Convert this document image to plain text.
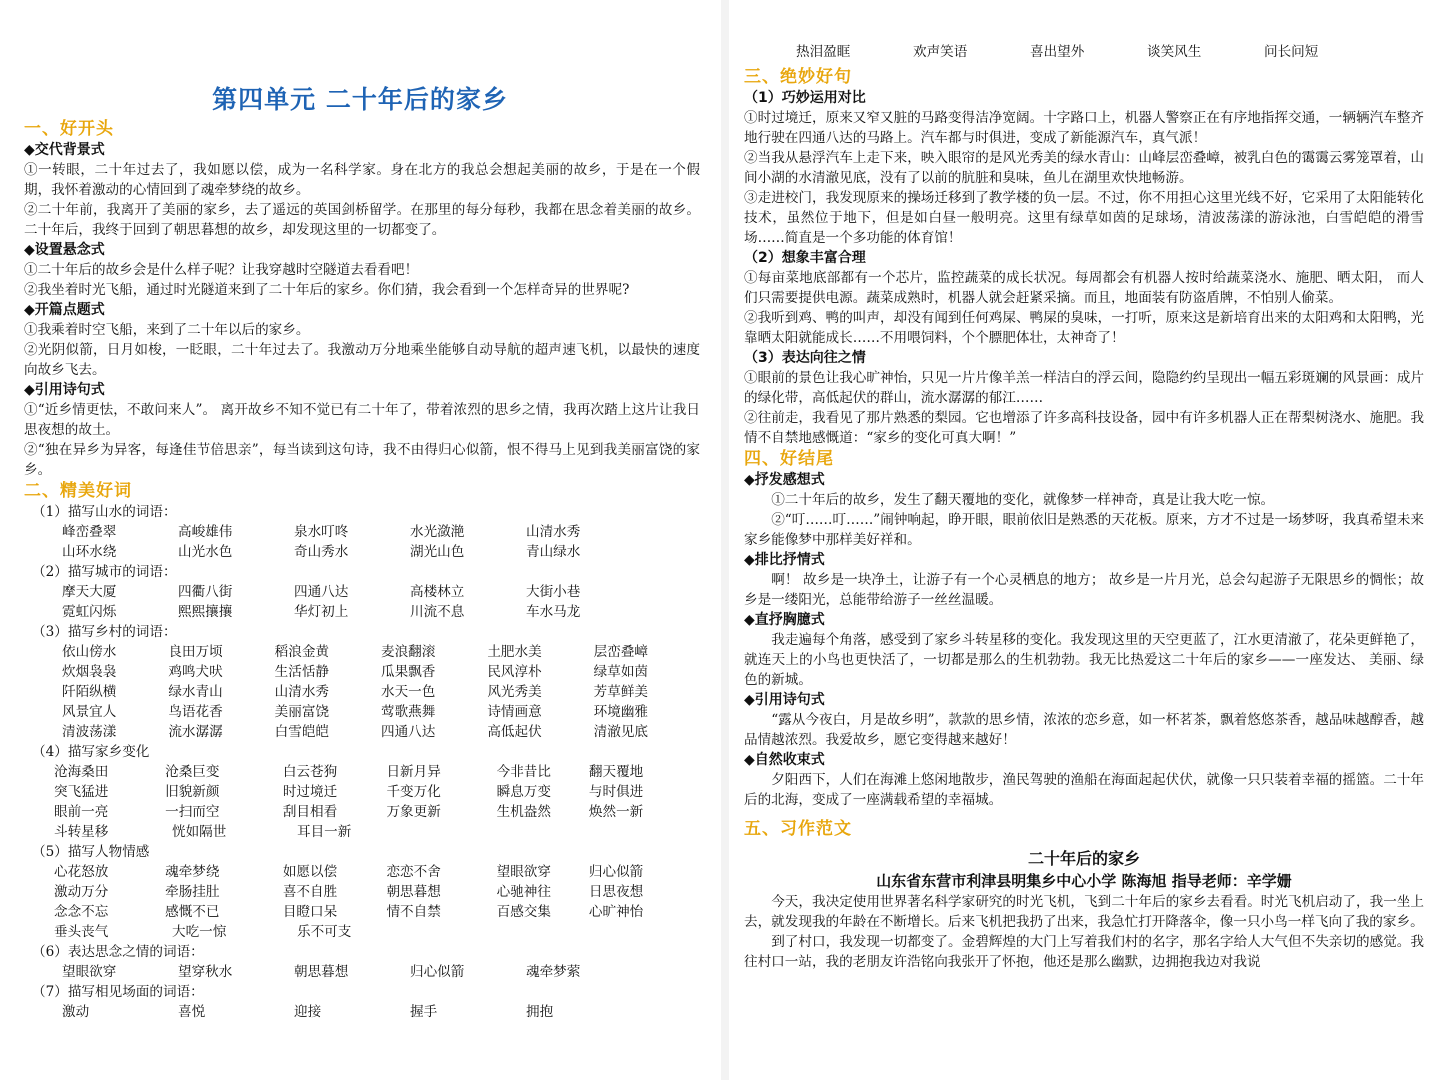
第四单元 二十年后的家乡
一、好开头
◆交代背景式
①一转眼，二十年过去了，我如愿以偿，成为一名科学家。身在北方的我总会想起美丽的故乡，于是在一个假期，我怀着激动的心情回到了魂牵梦绕的故乡。
②二十年前，我离开了美丽的家乡，去了遥远的英国剑桥留学。在那里的每分每秒，我都在思念着美丽的故乡。 二十年后，我终于回到了朝思暮想的故乡，却发现这里的一切都变了。
◆设置悬念式
①二十年后的故乡会是什么样子呢？让我穿越时空隧道去看看吧！
②我坐着时光飞船，通过时光隧道来到了二十年后的家乡。你们猜，我会看到一个怎样奇异的世界呢?
◆开篇点题式
①我乘着时空飞船，来到了二十年以后的家乡。
②光阴似箭，日月如梭，一眨眼，二十年过去了。我激动万分地乘坐能够自动导航的超声速飞机，以最快的速度向故乡飞去。
◆引用诗句式
①“近乡情更怯，不敢问来人”。 离开故乡不知不觉已有二十年了，带着浓烈的思乡之情，我再次踏上这片让我日思夜想的故土。
②“独在异乡为异客，每逢佳节倍思亲”，每当读到这句诗，我不由得归心似箭，恨不得马上见到我美丽富饶的家乡。
二、精美好词
（1）描写山水的词语：
峰峦叠翠	高峻雄伟	泉水叮咚	水光潋滟	山清水秀
山环水绕	山光水色	奇山秀水	湖光山色	青山绿水
（2）描写城市的词语：
摩天大厦	四衢八街	四通八达	高楼林立	大街小巷
霓虹闪烁	熙熙攘攘	华灯初上	川流不息	车水马龙
（3）描写乡村的词语：
依山傍水	良田万顷	稻浪金黄	麦浪翻滚	土肥水美	层峦叠嶂
炊烟袅袅	鸡鸣犬吠	生活恬静	瓜果飘香	民风淳朴	绿草如茵
阡陌纵横	绿水青山	山清水秀	水天一色	风光秀美	芳草鲜美
风景宜人	鸟语花香	美丽富饶	莺歌燕舞	诗情画意	环境幽雅
清波荡漾	流水潺潺	白雪皑皑	四通八达	高低起伏	清澈见底
（4）描写家乡变化
沧海桑田	沧桑巨变	白云苍狗	日新月异	今非昔比	翻天覆地
突飞猛进	旧貌新颜	时过境迁	千变万化	瞬息万变	与时俱进
眼前一亮	一扫而空	刮目相看	万象更新	生机盎然	焕然一新
斗转星移	恍如隔世	耳目一新
（5）描写人物情感
心花怒放	魂牵梦绕	如愿以偿	恋恋不舍	望眼欲穿	归心似箭
激动万分	牵肠挂肚	喜不自胜	朝思暮想	心驰神往	日思夜想
念念不忘	感慨不已	目瞪口呆	情不自禁	百感交集	心旷神怡
垂头丧气	大吃一惊	乐不可支
（6）表达思念之情的词语：
望眼欲穿	望穿秋水	朝思暮想	归心似箭	魂牵梦萦
（7）描写相见场面的词语：
激动	喜悦	迎接	握手	拥抱
热泪盈眶	欢声笑语	喜出望外	谈笑风生	问长问短
三、绝妙好句
（1）巧妙运用对比
①时过境迁，原来又窄又脏的马路变得洁净宽阔。十字路口上，机器人警察正在有序地指挥交通，一辆辆汽车整齐地行驶在四通八达的马路上。汽车都与时俱进，变成了新能源汽车，真气派！
②当我从悬浮汽车上走下来，映入眼帘的是风光秀美的绿水青山：山峰层峦叠嶂，被乳白色的霭霭云雾笼罩着，山间小湖的水清澈见底，没有了以前的肮脏和臭味，鱼儿在湖里欢快地畅游。
③走进校门，我发现原来的操场迁移到了教学楼的负一层。不过，你不用担心这里光线不好，它采用了太阳能转化技术，虽然位于地下，但是如白昼一般明亮。这里有绿草如茵的足球场，清波荡漾的游泳池，白雪皑皑的滑雪场……简直是一个多功能的体育馆！
（2）想象丰富合理
①每亩菜地底部都有一个芯片，监控蔬菜的成长状况。每周都会有机器人按时给蔬菜浇水、施肥、晒太阳， 而人们只需要提供电源。蔬菜成熟时，机器人就会赶紧采摘。而且，地面装有防盗盾牌，不怕别人偷菜。
②我听到鸡、鸭的叫声，却没有闻到任何鸡屎、鸭屎的臭味，一打听，原来这是新培育出来的太阳鸡和太阳鸭，光靠晒太阳就能成长……不用喂饲料，个个膘肥体壮，太神奇了！
（3）表达向往之情
①眼前的景色让我心旷神怡，只见一片片像羊羔一样洁白的浮云间，隐隐约约呈现出一幅五彩斑斓的风景画：成片的绿化带，高低起伏的群山，流水潺潺的郁江……
②往前走，我看见了那片熟悉的梨园。它也增添了许多高科技设备，园中有许多机器人正在帮梨树浇水、施肥。我情不自禁地感慨道：“家乡的变化可真大啊！”
四、好结尾
◆抒发感想式
①二十年后的故乡，发生了翻天覆地的变化，就像梦一样神奇，真是让我大吃一惊。
②“叮……叮……”闹钟响起，睁开眼，眼前依旧是熟悉的天花板。原来，方才不过是一场梦呀，我真希望未来家乡能像梦中那样美好祥和。
◆排比抒情式
啊！ 故乡是一块净土，让游子有一个心灵栖息的地方； 故乡是一片月光，总会勾起游子无限思乡的惆怅；故乡是一缕阳光，总能带给游子一丝丝温暖。
◆直抒胸臆式
我走遍每个角落，感受到了家乡斗转星移的变化。我发现这里的天空更蓝了，江水更清澈了，花朵更鲜艳了，就连天上的小鸟也更快活了，一切都是那么的生机勃勃。我无比热爱这二十年后的家乡——一座发达、 美丽、绿色的新城。
◆引用诗句式
“露从今夜白，月是故乡明”，款款的思乡情，浓浓的恋乡意，如一杯茗茶，飘着悠悠茶香，越品味越醇香，越品情越浓烈。我爱故乡，愿它变得越来越好！
◆自然收束式
夕阳西下，人们在海滩上悠闲地散步，渔民驾驶的渔船在海面起起伏伏，就像一只只装着幸福的摇篮。二十年后的北海，变成了一座满载希望的幸福城。
五、习作范文
二十年后的家乡
山东省东营市利津县明集乡中心小学 陈海旭 指导老师：辛学姗
今天，我决定使用世界著名科学家研究的时光飞机，飞到二十年后的家乡去看看。时光飞机启动了，我一坐上去，就发现我的年龄在不断增长。后来飞机把我扔了出来，我急忙打开降落伞，像一只小鸟一样飞向了我的家乡。
到了村口，我发现一切都变了。金碧辉煌的大门上写着我们村的名字，那名字给人大气但不失亲切的感觉。我往村口一站，我的老朋友许浩铭向我张开了怀抱，他还是那么幽默，边拥抱我边对我说
